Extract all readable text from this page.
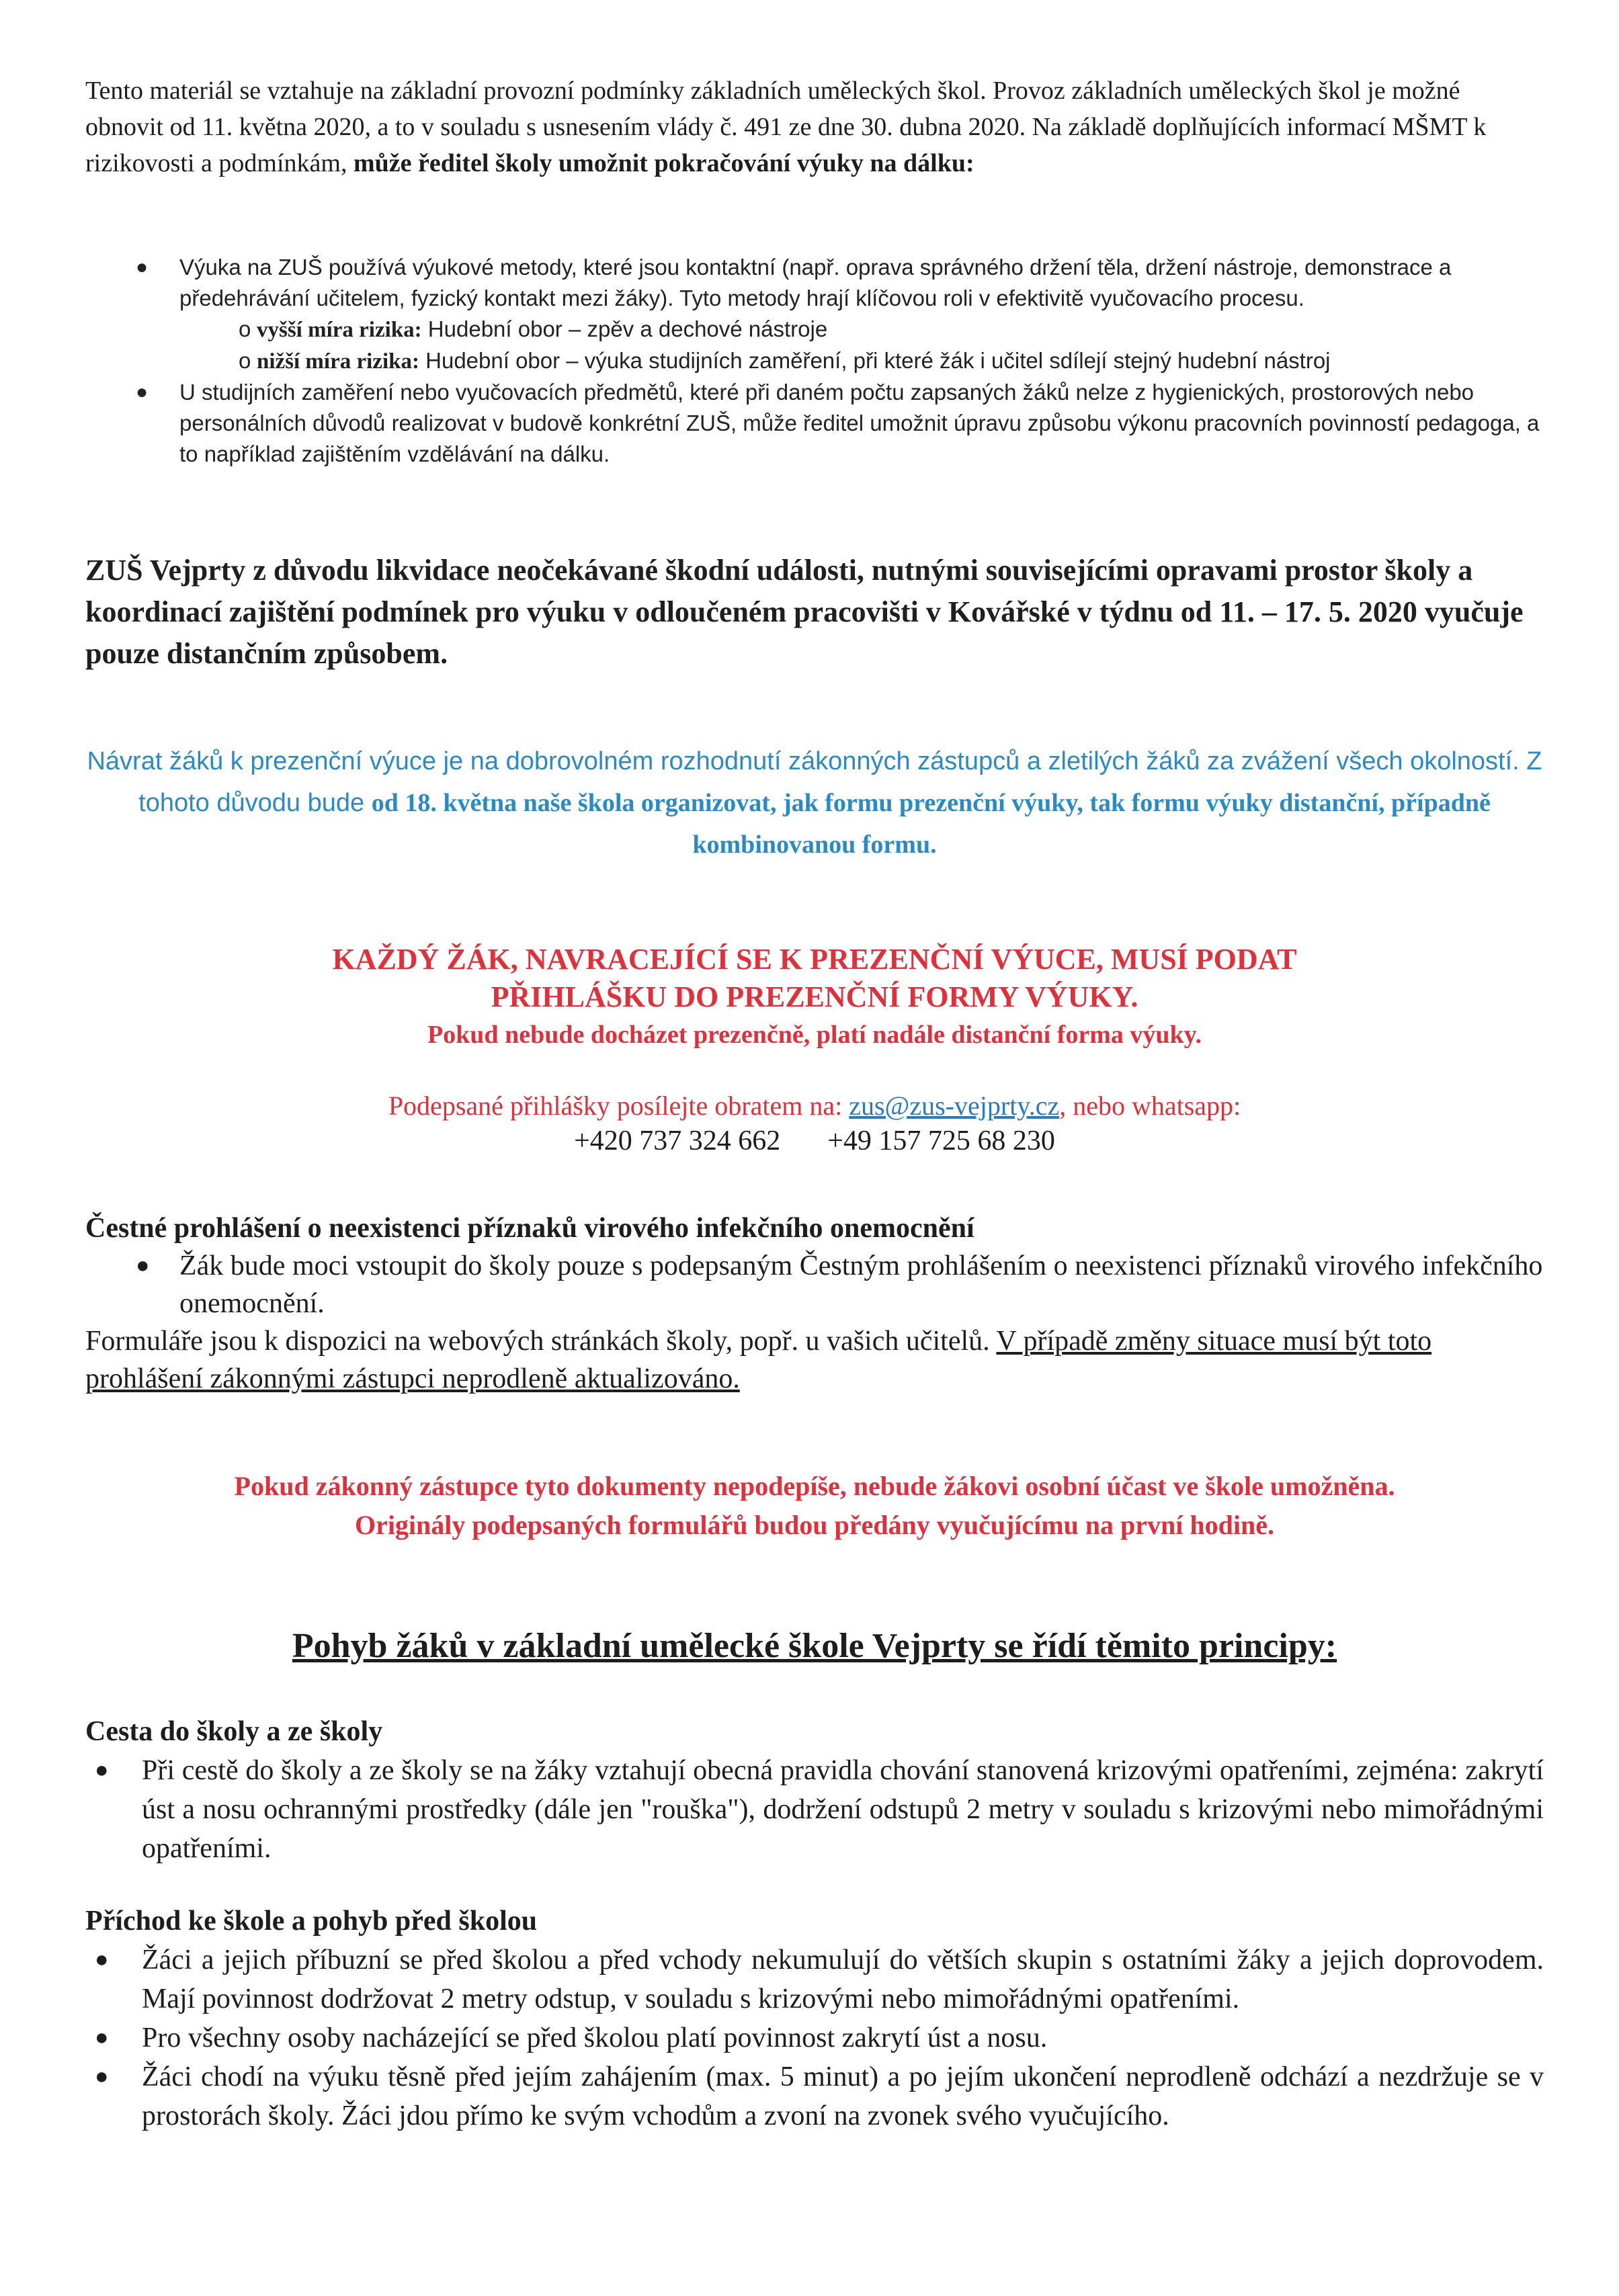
Tento materiál se vztahuje na základní provozní podmínky základních uměleckých škol. Provoz základních uměleckých škol je možné obnovit od 11. května 2020, a to v souladu s usnesením vlády č. 491 ze dne 30. dubna 2020. Na základě doplňujících informací MŠMT k rizikovosti a podmínkám, může ředitel školy umožnit pokračování výuky na dálku:
● Výuka na ZUŠ používá výukové metody, které jsou kontaktní (např. oprava správného držení těla, držení nástroje, demonstrace a předehrávání učitelem, fyzický kontakt mezi žáky). Tyto metody hrají klíčovou roli v efektivitě vyučovacího procesu.
o vyšší míra rizika: Hudební obor – zpěv a dechové nástroje
o nižší míra rizika: Hudební obor – výuka studijních zaměření, při které žák i učitel sdílejí stejný hudební nástroj
● U studijních zaměření nebo vyučovacích předmětů, které při daném počtu zapsaných žáků nelze z hygienických, prostorových nebo personálních důvodů realizovat v budově konkrétní ZUŠ, může ředitel umožnit úpravu způsobu výkonu pracovních povinností pedagoga, a to například zajištěním vzdělávání na dálku.
ZUŠ Vejprty z důvodu likvidace neočekávané škodní události, nutnými souvisejícími opravami prostor školy a koordinací zajištění podmínek pro výuku v odloučeném pracovišti v Kovářské v týdnu od 11. – 17. 5. 2020 vyučuje pouze distančním způsobem.
Návrat žáků k prezenční výuce je na dobrovolném rozhodnutí zákonných zástupců a zletilých žáků za zvážení všech okolností. Z tohoto důvodu bude od 18. května naše škola organizovat, jak formu prezenční výuky, tak formu výuky distanční, případně kombinovanou formu.
KAŽDÝ ŽÁK, NAVRACEJÍCÍ SE K PREZENČNÍ VÝUCE, MUSÍ PODAT
PŘIHLÁŠKU DO PREZENČNÍ FORMY VÝUKY.
Pokud nebude docházet prezenčně, platí nadále distanční forma výuky.
Podepsané přihlášky posílejte obratem na: zus@zus-vejprty.cz, nebo whatsapp:
+420 737 324 662 +49 157 725 68 230
Čestné prohlášení o neexistenci příznaků virového infekčního onemocnění
● Žák bude moci vstoupit do školy pouze s podepsaným Čestným prohlášením o neexistenci příznaků virového infekčního onemocnění.
Formuláře jsou k dispozici na webových stránkách školy, popř. u vašich učitelů. V případě změny situace musí být toto prohlášení zákonnými zástupci neprodleně aktualizováno.
Pokud zákonný zástupce tyto dokumenty nepodepíše, nebude žákovi osobní účast ve škole umožněna.
Originály podepsaných formulářů budou předány vyučujícímu na první hodině.
Pohyb žáků v základní umělecké škole Vejprty se řídí těmito principy:
Cesta do školy a ze školy
● Při cestě do školy a ze školy se na žáky vztahují obecná pravidla chování stanovená krizovými opatřeními, zejména: zakrytí úst a nosu ochrannými prostředky (dále jen "rouška"), dodržení odstupů 2 metry v souladu s krizovými nebo mimořádnými opatřeními.
Příchod ke škole a pohyb před školou
● Žáci a jejich příbuzní se před školou a před vchody nekumulují do větších skupin s ostatními žáky a jejich doprovodem. Mají povinnost dodržovat 2 metry odstup, v souladu s krizovými nebo mimořádnými opatřeními.
● Pro všechny osoby nacházející se před školou platí povinnost zakrytí úst a nosu.
● Žáci chodí na výuku těsně před jejím zahájením (max. 5 minut) a po jejím ukončení neprodleně odchází a nezdržuje se v prostorách školy. Žáci jdou přímo ke svým vchodům a zvoní na zvonek svého vyučujícího.
